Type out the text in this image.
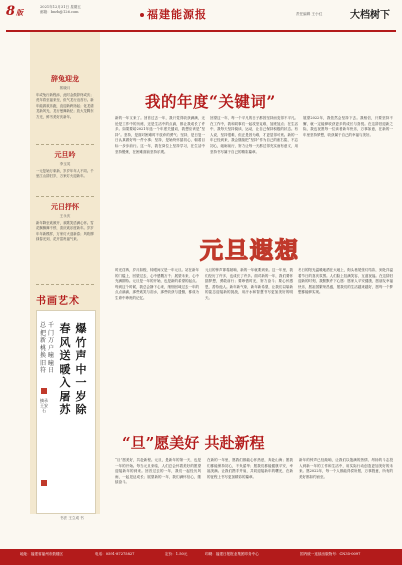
8版
2021年12月31日 星期五
邮箱：bnrb@126.com	福建能源报	责任编辑 王小红	大档树下
辞兔迎龙
郭晓月
年或兔行新程添，此时金鼓辞终或庆；虎年将至福来至，但气龙行迈首行。新年能源欢乐跑，直迎新跨扬起；化龙谱龙新风光，龙行曼舞新纪；放大龙腾东方光，鲜书美好庆新年。
元旦吟
李玉英
一元复始万象新，岁岁年年人不同。千里江山辞旧岁，万家灯火迎新年。
元日抒怀
王永庆
新年降至欢颜开，欢歌笑语满心怀。雪花飘飘舞不停，喜庆欢乐度新年。岁岁年年新模样，万家灯火迎新春；风吹柳绿春光到，花开富贵福气来。
书画艺术
爆竹声中一岁除
春风送暖入屠苏
千门万户曈曈日
总把新桃换旧符
摘录 王安石
书法 王立成 书
我的年度“关键词”
新的一年又来了。回首过去一年，我只觉得收获满满，无论是工作中的历练，还是生活中的点滴，都让我成长了许多。如果要给2021年选一个年度关键词，我想应该是“坚持”。坚持，是面对困难时不放弃的勇气；坚持，是日复一日认真做好每一件小事；坚持，是始终怀揣初心，朝着目标一步步前行。这一年，我在岗位上坚持学习，在生活中坚持锻炼，在困难面前坚持乐观。
回望这一年，每一个平凡的日子都因坚持而变得不平凡。在工作中，我和同事们一起攻坚克难，加班加点；在生活中，我每天坚持阅读、运动，让自己保持积极的状态。有人说，坚持很难，但正是因为难，才更显得可贵。新的一年已经到来，我会继续把“坚持”作为自己的座右铭，不忘初心，砥砺前行，努力让每一天都过得充实而有意义，用坚持书写属于自己的精彩篇章。
展望2022年，我依然会坚持下去。我相信，只要坚持不懈，就一定能够收获更多的成长与喜悦。在这辞旧迎新之际，我也祝愿每一位读者新年快乐，万事如意，在新的一年里坚持梦想，收获属于自己的幸福与美好。
元旦遐想
时光荏苒，岁月如梭，转眼间又是一年元旦。站在新年的门槛上，回望过去，心中感慨万千；展望未来，心中充满期待。元旦是一年的开始，也是新的希望的起点。每到这个时候，我总会静下心来，细细回味过去一年的点点滴滴，那些欢笑与泪水，那些收获与遗憾，都成为生命中珍贵的记忆。
元旦的钟声即将敲响，新的一年就要到来。这一年里，我们经历了许多，也成长了许多。面对新的一年，我们要怀揣梦想，勇敢前行；要珍惜时光，努力奋斗；要心怀感恩，善待他人。新年新气象，新年新希望，让我们以崭新的姿态迎接新的挑战，用汗水和智慧书写更加美好的明天。
冬日的阳光温暖地洒在大地上，街头巷尾张灯结彩，到处洋溢着节日的喜庆氛围。人们脸上挂满笑容，互道祝福。在这辞旧迎新的时刻，我默默许下心愿：愿家人平安健康，愿朋友幸福快乐，愿祖国繁荣昌盛，愿我们的生活越来越好，愿每一个梦想都能够实现。
“旦”愿美好 共赴新程
“旦”愿美好，共赴新程。元旦，是新年的第一天，也是一年的开始。每当元旦来临，人们总会怀着美好的愿望迎接新年的到来。回首过去的一年，我们一起经历风雨，一起见证成长；展望新的一年，我们满怀信心，继续奋斗。
在新的一年里，愿我们都能心怀热爱，奔赴山海；愿我们都能保持初心，不负韶华；愿我们都能健康平安，幸福美满。让我们携手并肩，共同迎接新年的曙光，在新的征程上书写更加精彩的篇章。
新年的钟声已经敲响，让我们以饱满的热情、昂扬的斗志投入到新一年的工作和生活中，用实际行动创造更加美好的未来。愿2022年，每一个人都能得偿所愿，万事胜意，所有的美好都如约而至。
地址：福建省福州市鼓楼区	电话：0591-87275827	定价：1.50元	印刷：福建日报报业集团印务中心	国内统一连续出版物号：CN35-0097
